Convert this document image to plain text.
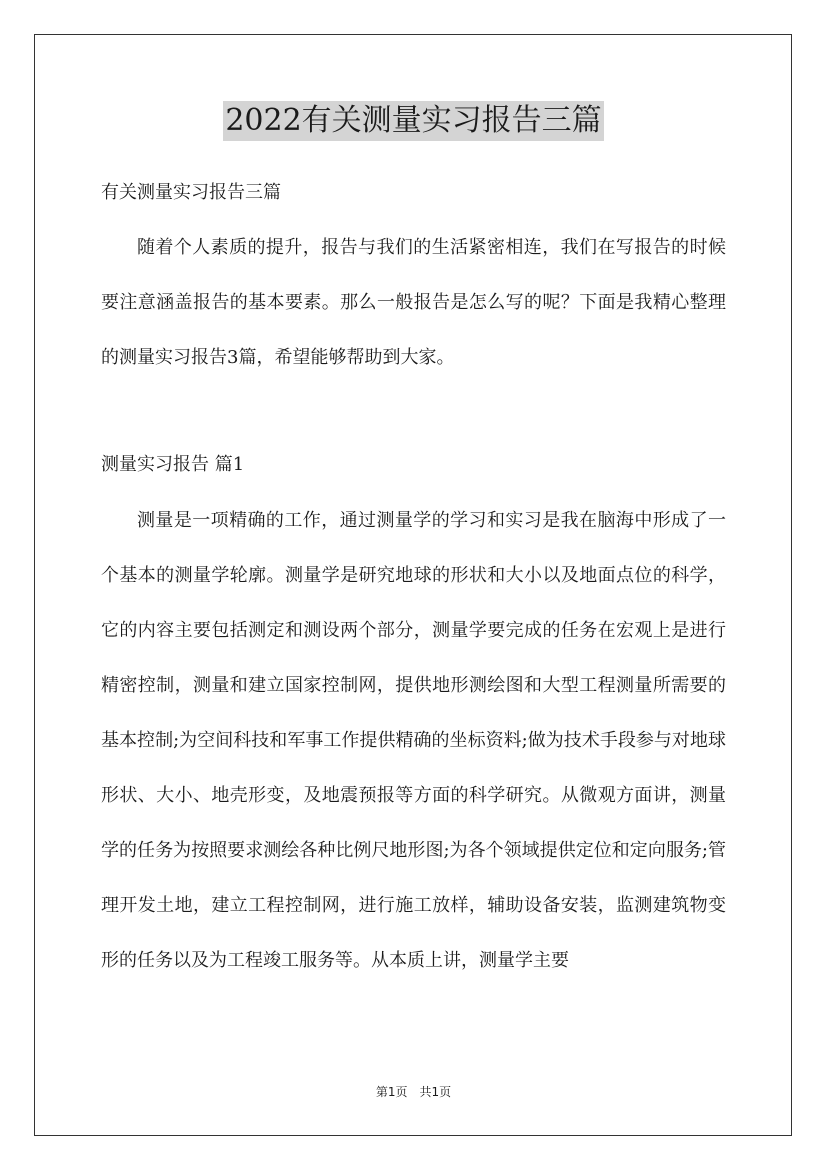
2022有关测量实习报告三篇
有关测量实习报告三篇

随着个人素质的提升，报告与我们的生活紧密相连，我们在写报告的时候要注意涵盖报告的基本要素。那么一般报告是怎么写的呢？下面是我精心整理的测量实习报告3篇，希望能够帮助到大家。

测量实习报告 篇1

测量是一项精确的工作，通过测量学的学习和实习是我在脑海中形成了一个基本的测量学轮廓。测量学是研究地球的形状和大小以及地面点位的科学，它的内容主要包括测定和测设两个部分，测量学要完成的任务在宏观上是进行精密控制，测量和建立国家控制网，提供地形测绘图和大型工程测量所需要的基本控制;为空间科技和军事工作提供精确的坐标资料;做为技术手段参与对地球形状、大小、地壳形变，及地震预报等方面的科学研究。从微观方面讲，测量学的任务为按照要求测绘各种比例尺地形图;为各个领域提供定位和定向服务;管理开发土地，建立工程控制网，进行施工放样，辅助设备安装，监测建筑物变形的任务以及为工程竣工服务等。从本质上讲，测量学主要

第1页　共1页
